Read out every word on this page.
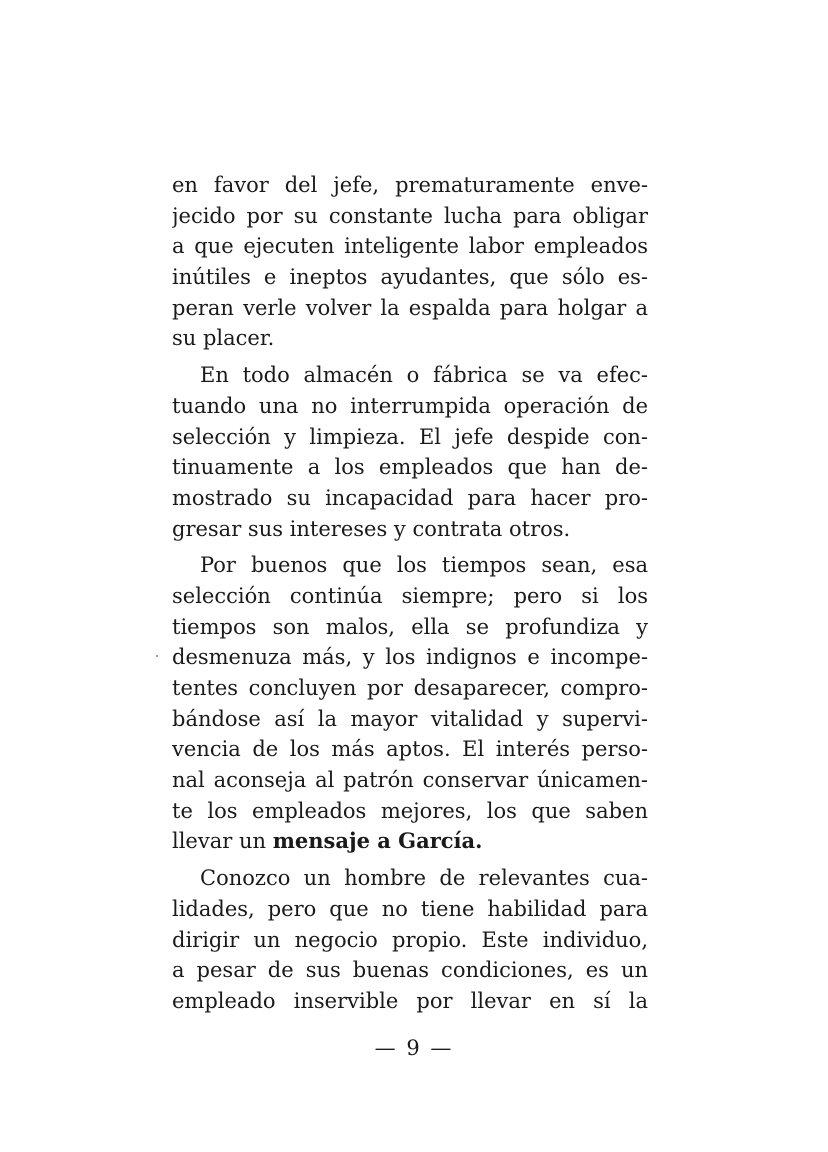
en favor del jefe, prematuramente enve-
jecido por su constante lucha para obligar
a que ejecuten inteligente labor empleados
inútiles e ineptos ayudantes, que sólo es-
peran verle volver la espalda para holgar a
su placer.
En todo almacén o fábrica se va efec-
tuando una no interrumpida operación de
selección y limpieza. El jefe despide con-
tinuamente a los empleados que han de-
mostrado su incapacidad para hacer pro-
gresar sus intereses y contrata otros.
Por buenos que los tiempos sean, esa
selección continúa siempre; pero si los
tiempos son malos, ella se profundiza y
desmenuza más, y los indignos e incompe-
tentes concluyen por desaparecer, compro-
bándose así la mayor vitalidad y supervi-
vencia de los más aptos. El interés perso-
nal aconseja al patrón conservar únicamen-
te los empleados mejores, los que saben
llevar un mensaje a García.
Conozco un hombre de relevantes cua-
lidades, pero que no tiene habilidad para
dirigir un negocio propio. Este individuo,
a pesar de sus buenas condiciones, es un
empleado inservible por llevar en sí la
— 9 —
